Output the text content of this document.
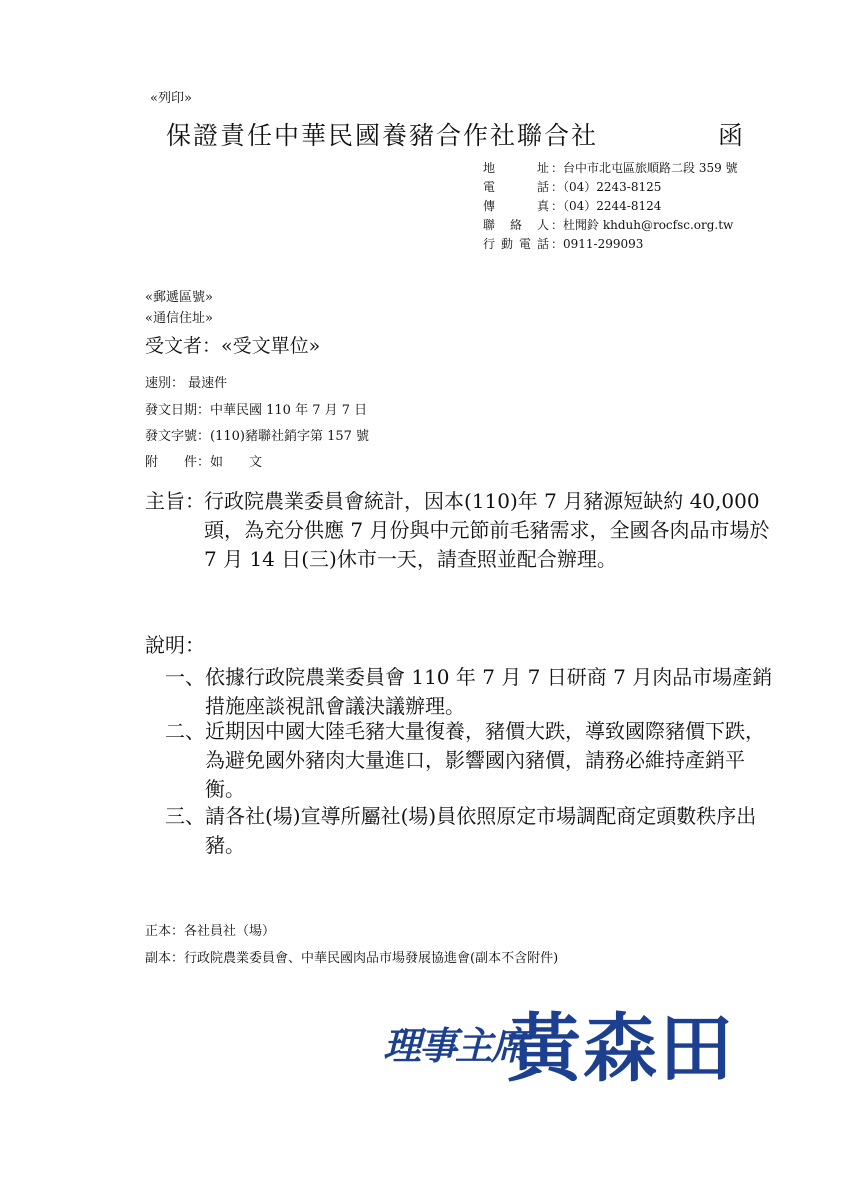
«列印»
保證責任中華民國養豬合作社聯合社	函
地　址 ：台中市北屯區旅順路二段 359 號
電　話 ：（04）2243-8125
傳　真 ：（04）2244-8124
聯 絡 人 ：杜聞鈴 khduh@rocfsc.org.tw
行動電話 ：0911-299093
«郵遞區號»
«通信住址»
受文者：«受文單位»
速別： 最速件
發文日期：中華民國 110 年 7 月 7 日
發文字號：(110)豬聯社銷字第 157 號
附　　件：如　　文
主旨： 行政院農業委員會統計，因本(110)年 7 月豬源短缺約 40,000 頭，為充分供應 7 月份與中元節前毛豬需求，全國各肉品市場於 7 月 14 日(三)休市一天，請查照並配合辦理。
說明：
一、 依據行政院農業委員會 110 年 7 月 7 日研商 7 月肉品市場產銷措施座談視訊會議決議辦理。
二、 近期因中國大陸毛豬大量復養，豬價大跌，導致國際豬價下跌，為避免國外豬肉大量進口，影響國內豬價，請務必維持產銷平衡。
三、 請各社(場)宣導所屬社(場)員依照原定市場調配商定頭數秩序出豬。
正本：各社員社（場）
副本：行政院農業委員會、中華民國肉品市場發展協進會(副本不含附件)
理事主席
黃森田
